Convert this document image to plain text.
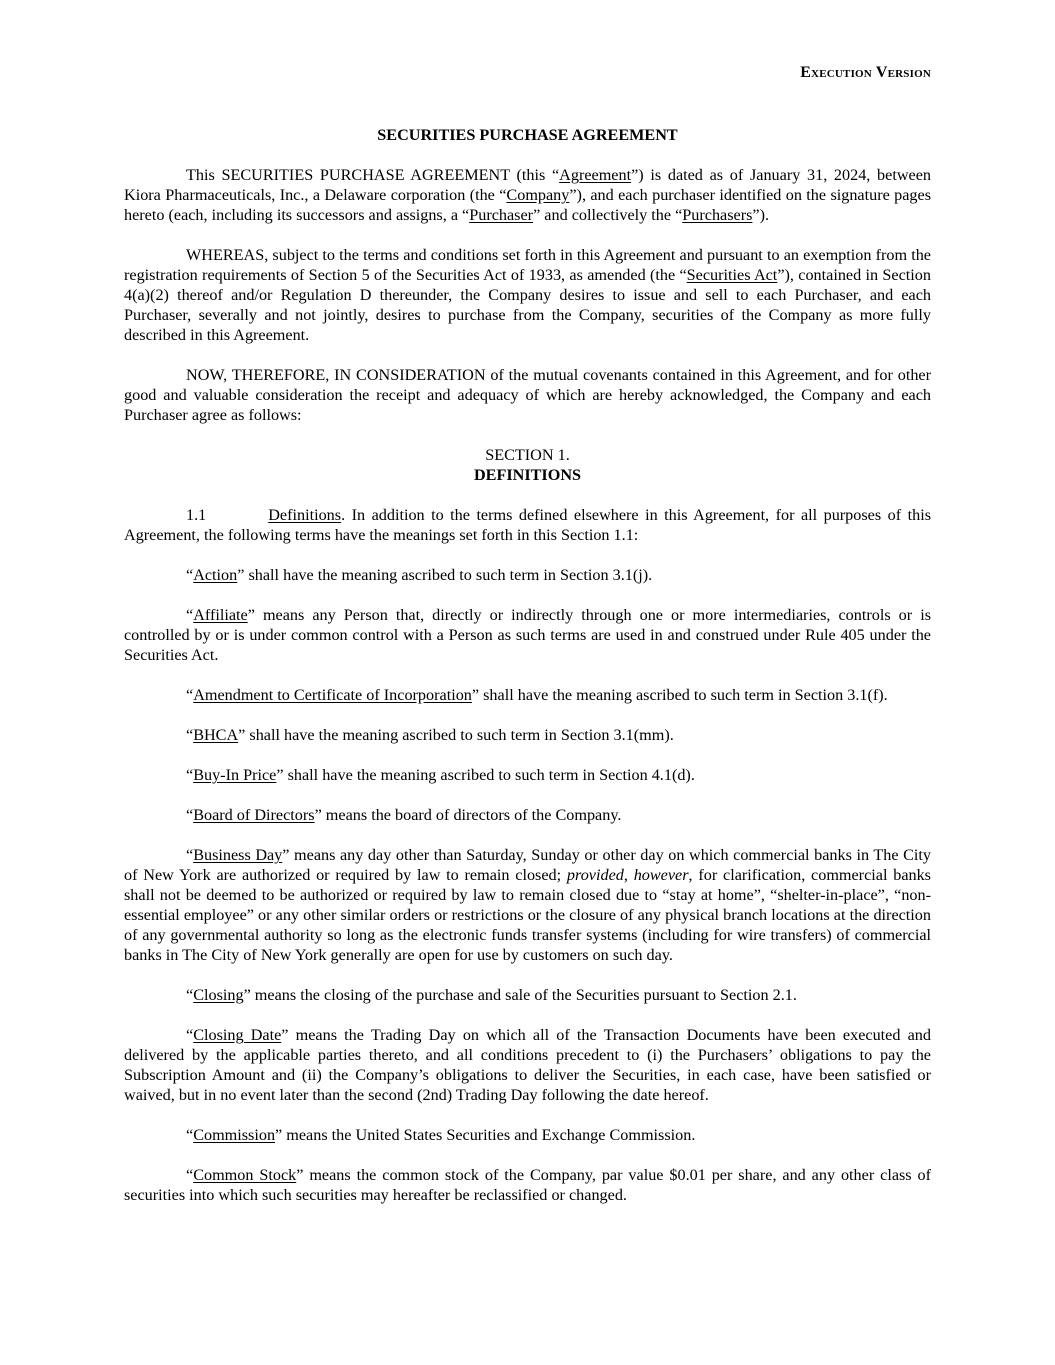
Execution Version
SECURITIES PURCHASE AGREEMENT

This SECURITIES PURCHASE AGREEMENT (this “Agreement”) is dated as of January 31, 2024, between Kiora Pharmaceuticals, Inc., a Delaware corporation (the “Company”), and each purchaser identified on the signature pages hereto (each, including its successors and assigns, a “Purchaser” and collectively the “Purchasers”).

WHEREAS, subject to the terms and conditions set forth in this Agreement and pursuant to an exemption from the registration requirements of Section 5 of the Securities Act of 1933, as amended (the “Securities Act”), contained in Section 4(a)(2) thereof and/or Regulation D thereunder, the Company desires to issue and sell to each Purchaser, and each Purchaser, severally and not jointly, desires to purchase from the Company, securities of the Company as more fully described in this Agreement.

NOW, THEREFORE, IN CONSIDERATION of the mutual covenants contained in this Agreement, and for other good and valuable consideration the receipt and adequacy of which are hereby acknowledged, the Company and each Purchaser agree as follows:

SECTION 1.
DEFINITIONS

1.1	Definitions. In addition to the terms defined elsewhere in this Agreement, for all purposes of this Agreement, the following terms have the meanings set forth in this Section 1.1:

“Action” shall have the meaning ascribed to such term in Section 3.1(j).

“Affiliate” means any Person that, directly or indirectly through one or more intermediaries, controls or is controlled by or is under common control with a Person as such terms are used in and construed under Rule 405 under the Securities Act.

“Amendment to Certificate of Incorporation” shall have the meaning ascribed to such term in Section 3.1(f).

“BHCA” shall have the meaning ascribed to such term in Section 3.1(mm).

“Buy-In Price” shall have the meaning ascribed to such term in Section 4.1(d).

“Board of Directors” means the board of directors of the Company.

“Business Day” means any day other than Saturday, Sunday or other day on which commercial banks in The City of New York are authorized or required by law to remain closed; provided, however, for clarification, commercial banks shall not be deemed to be authorized or required by law to remain closed due to “stay at home”, “shelter-in-place”, “non-essential employee” or any other similar orders or restrictions or the closure of any physical branch locations at the direction of any governmental authority so long as the electronic funds transfer systems (including for wire transfers) of commercial banks in The City of New York generally are open for use by customers on such day.

“Closing” means the closing of the purchase and sale of the Securities pursuant to Section 2.1.

“Closing Date” means the Trading Day on which all of the Transaction Documents have been executed and delivered by the applicable parties thereto, and all conditions precedent to (i) the Purchasers’ obligations to pay the Subscription Amount and (ii) the Company’s obligations to deliver the Securities, in each case, have been satisfied or waived, but in no event later than the second (2nd) Trading Day following the date hereof.

“Commission” means the United States Securities and Exchange Commission.

“Common Stock” means the common stock of the Company, par value $0.01 per share, and any other class of securities into which such securities may hereafter be reclassified or changed.
